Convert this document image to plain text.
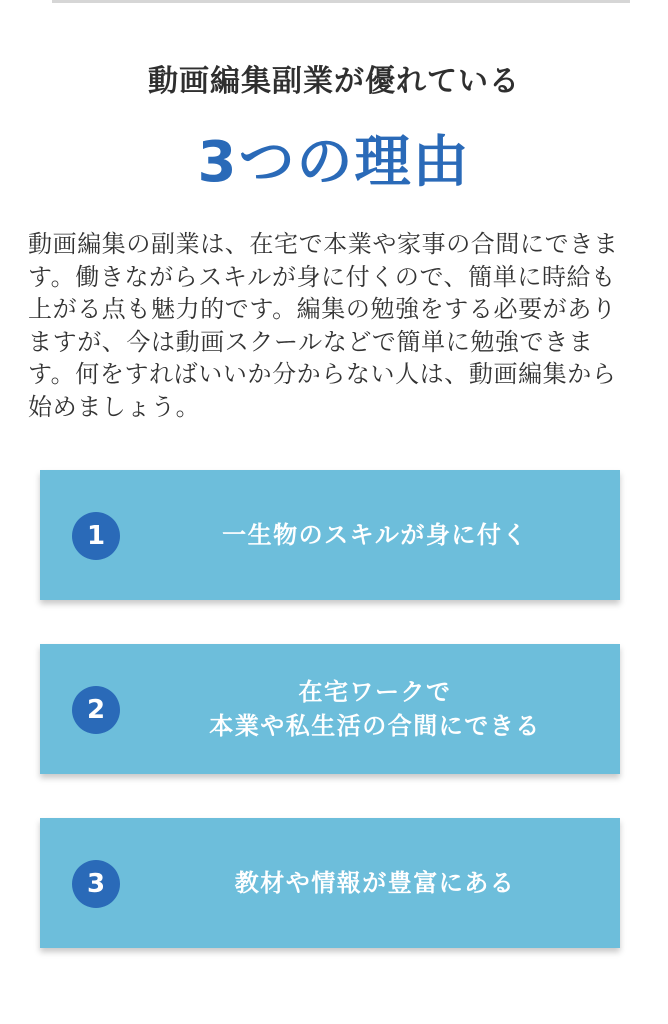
動画編集副業が優れている
3つの理由
動画編集の副業は、在宅で本業や家事の合間にできます。働きながらスキルが身に付くので、簡単に時給も上がる点も魅力的です。編集の勉強をする必要がありますが、今は動画スクールなどで簡単に勉強できます。何をすればいいか分からない人は、動画編集から始めましょう。
1	一生物のスキルが身に付く
2
在宅ワークで
本業や私生活の合間にできる
3	教材や情報が豊富にある
